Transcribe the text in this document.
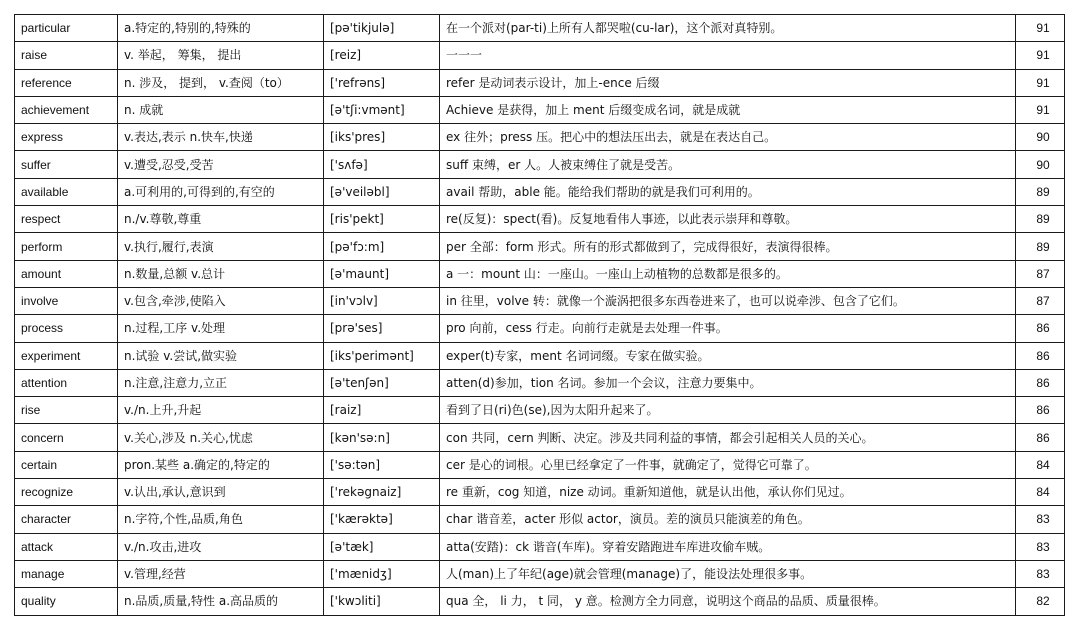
particular	a.特定的,特别的,特殊的	[pə'tikjulə]	在一个派对(par-ti)上所有人都哭啦(cu-lar)，这个派对真特别。	91
raise	v. 举起， 筹集， 提出	[reiz]	一一一	91
reference	n. 涉及， 提到， v.查阅（to）	['refrəns]	refer 是动词表示设计，加上-ence 后缀	91
achievement	n. 成就	[ə'tʃi:vmənt]	Achieve 是获得，加上 ment 后缀变成名词，就是成就	91
express	v.表达,表示 n.快车,快递	[iks'pres]	ex 往外；press 压。把心中的想法压出去，就是在表达自己。	90
suffer	v.遭受,忍受,受苦	['sʌfə]	suff 束缚，er 人。人被束缚住了就是受苦。	90
available	a.可利用的,可得到的,有空的	[ə'veiləbl]	avail 帮助，able 能。能给我们帮助的就是我们可利用的。	89
respect	n./v.尊敬,尊重	[ris'pekt]	re(反复)：spect(看)。反复地看伟人事迹，以此表示崇拜和尊敬。	89
perform	v.执行,履行,表演	[pə'fɔ:m]	per 全部：form 形式。所有的形式都做到了，完成得很好，表演得很棒。	89
amount	n.数量,总额 v.总计	[ə'maunt]	a 一：mount 山：一座山。一座山上动植物的总数都是很多的。	87
involve	v.包含,牵涉,使陷入	[in'vɔlv]	in 往里，volve 转：就像一个漩涡把很多东西卷进来了，也可以说牵涉、包含了它们。	87
process	n.过程,工序 v.处理	[prə'ses]	pro 向前，cess 行走。向前行走就是去处理一件事。	86
experiment	n.试验 v.尝试,做实验	[iks'perimənt]	exper(t)专家，ment 名词词缀。专家在做实验。	86
attention	n.注意,注意力,立正	[ə'tenʃən]	atten(d)参加，tion 名词。参加一个会议，注意力要集中。	86
rise	v./n.上升,升起	[raiz]	看到了日(ri)色(se),因为太阳升起来了。	86
concern	v.关心,涉及 n.关心,忧虑	[kən'sə:n]	con 共同，cern 判断、决定。涉及共同利益的事情，都会引起相关人员的关心。	86
certain	pron.某些 a.确定的,特定的	['sə:tən]	cer 是心的词根。心里已经拿定了一件事，就确定了，觉得它可靠了。	84
recognize	v.认出,承认,意识到	['rekəgnaiz]	re 重新，cog 知道，nize 动词。重新知道他，就是认出他，承认你们见过。	84
character	n.字符,个性,品质,角色	['kærəktə]	char 谐音差，acter 形似 actor，演员。差的演员只能演差的角色。	83
attack	v./n.攻击,进攻	[ə'tæk]	atta(安踏)：ck 谐音(车库)。穿着安踏跑进车库进攻偷车贼。	83
manage	v.管理,经营	['mænidʒ]	人(man)上了年纪(age)就会管理(manage)了，能设法处理很多事。	83
quality	n.品质,质量,特性 a.高品质的	['kwɔliti]	qua 全， li 力， t 同， y 意。检测方全力同意，说明这个商品的品质、质量很棒。	82
